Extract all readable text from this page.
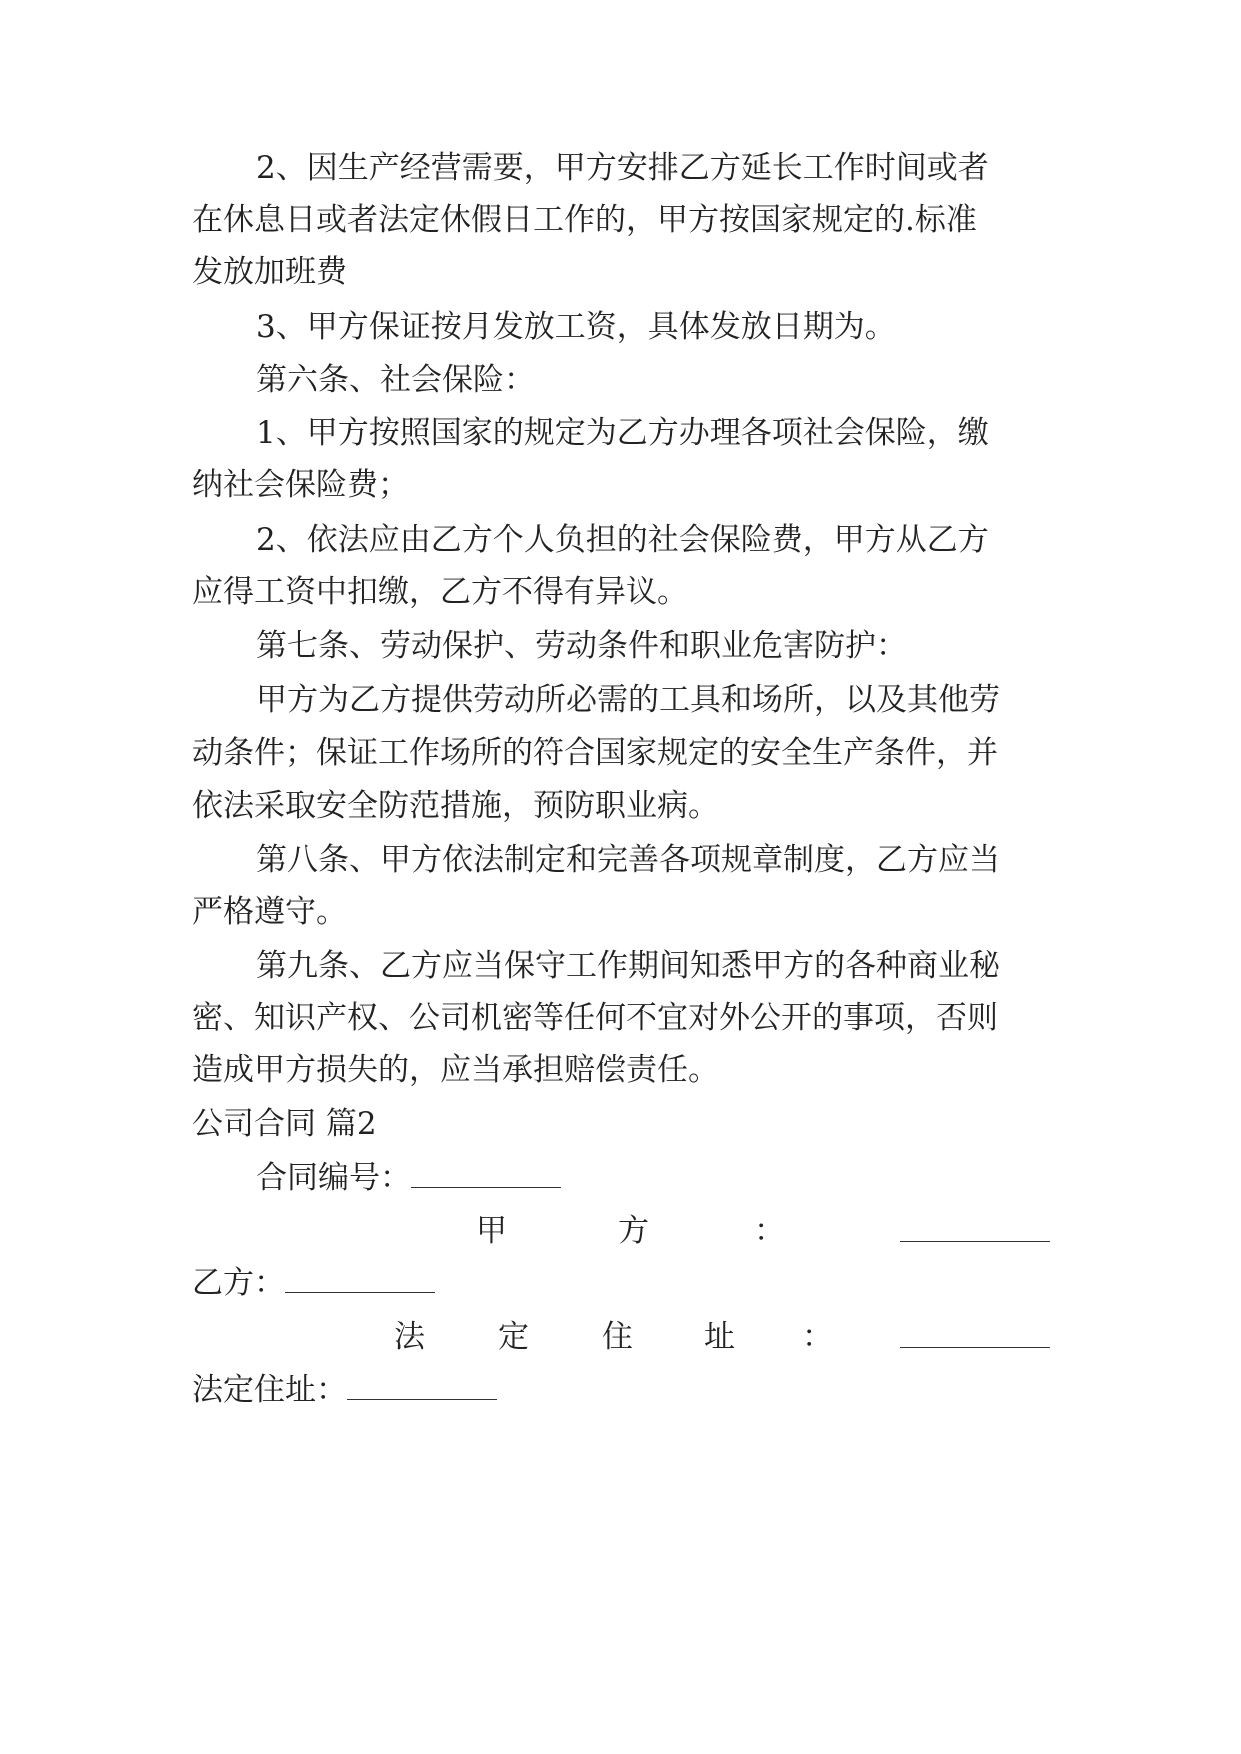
2、因生产经营需要，甲方安排乙方延长工作时间或者
在休息日或者法定休假日工作的，甲方按国家规定的.标准
发放加班费
3、甲方保证按月发放工资，具体发放日期为。
第六条、社会保险：
1、甲方按照国家的规定为乙方办理各项社会保险，缴
纳社会保险费；
2、依法应由乙方个人负担的社会保险费，甲方从乙方
应得工资中扣缴，乙方不得有异议。
第七条、劳动保护、劳动条件和职业危害防护：
甲方为乙方提供劳动所必需的工具和场所，以及其他劳
动条件；保证工作场所的符合国家规定的安全生产条件，并
依法采取安全防范措施，预防职业病。
第八条、甲方依法制定和完善各项规章制度，乙方应当
严格遵守。
第九条、乙方应当保守工作期间知悉甲方的各种商业秘
密、知识产权、公司机密等任何不宜对外公开的事项，否则
造成甲方损失的，应当承担赔偿责任。
公司合同 篇2
合同编号：
甲	方	：
乙方：
法 定 住 址 ：
法定住址：
